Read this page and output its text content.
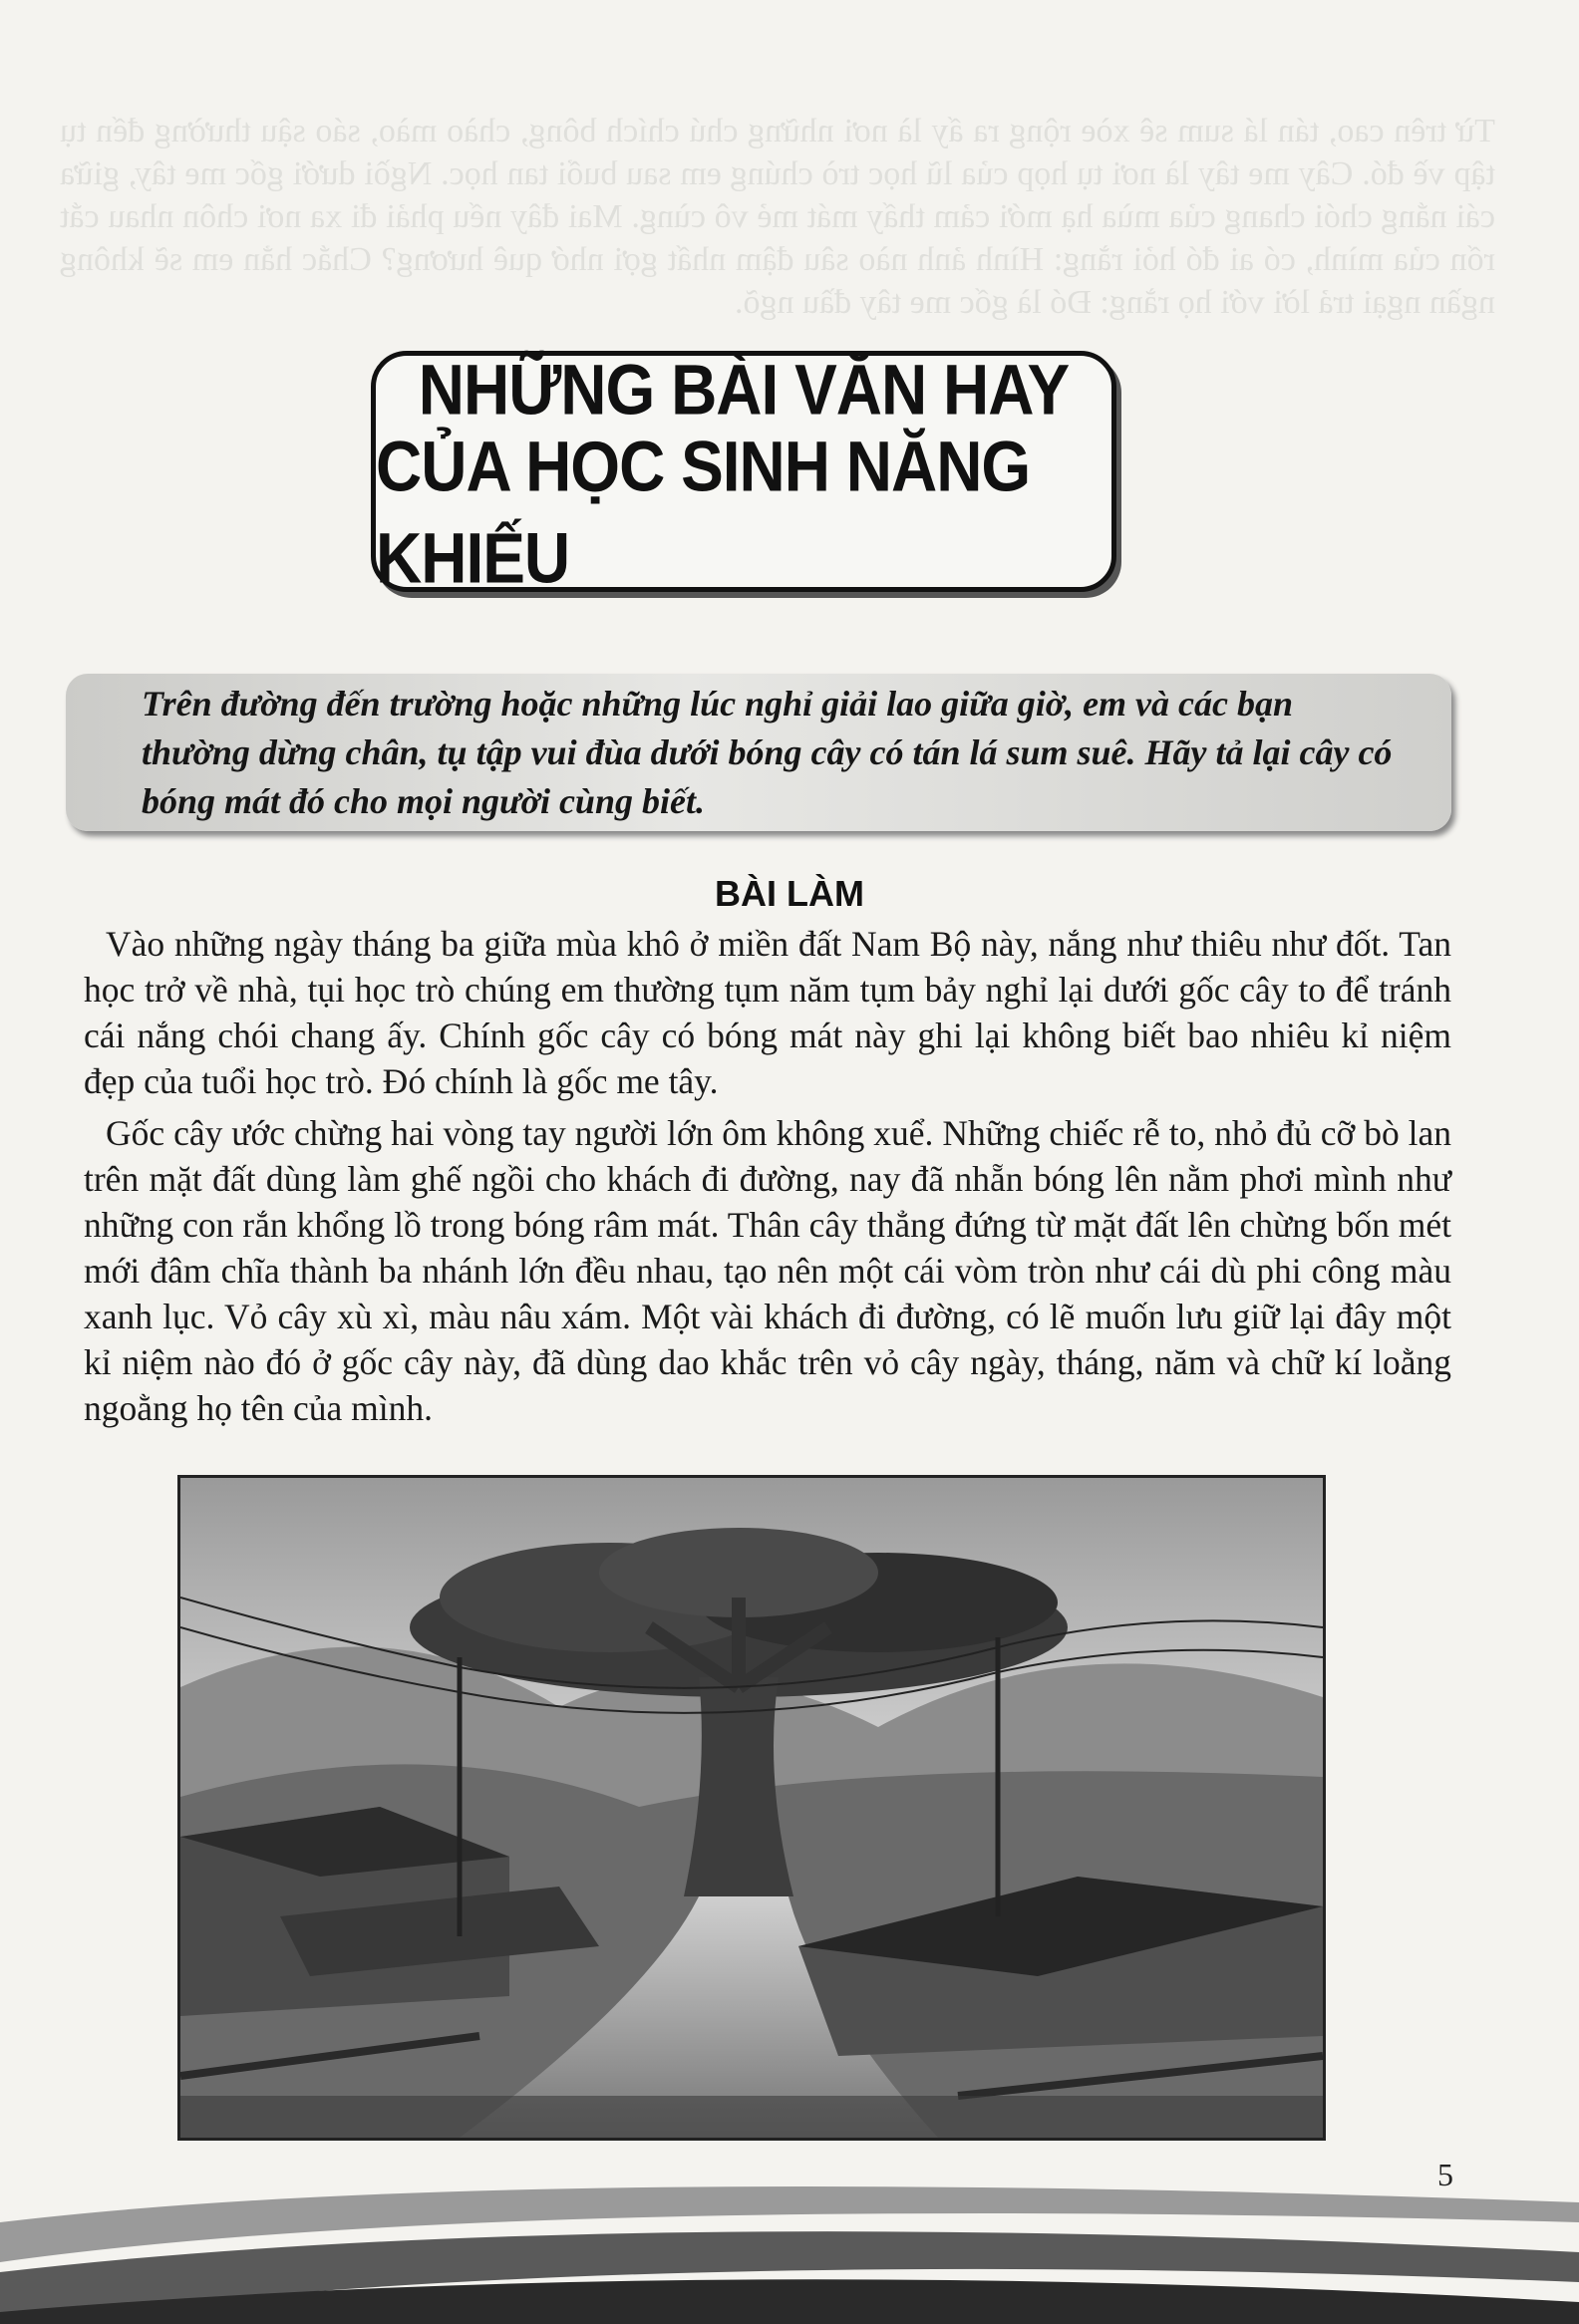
Từ trên cao, tán lá sum sê xòe rộng ra ấy là nơi những chú chích bông, chào mào, sáo sậu thường đến tụ tập về đó. Cây me tây là nơi tụ họp của lũ học trò chúng em sau buổi tan học. Ngồi dưới gốc me tây, giữa cái nắng chói chang của mùa hạ mới cảm thấy mát mẻ vô cùng. Mai đây nếu phải đi xa nơi chôn nhau cắt rốn của mình, có ai đó hỏi rằng: Hình ảnh nào sâu đậm nhất gợi nhớ quê hương? Chắc hẳn em sẽ không ngần ngại trả lời với họ rằng: Đó là gốc me tây đầu ngõ.
NHỮNG BÀI VĂN HAY
CỦA HỌC SINH NĂNG KHIẾU
Trên đường đến trường hoặc những lúc nghỉ giải lao giữa giờ, em và các bạn thường dừng chân, tụ tập vui đùa dưới bóng cây có tán lá sum suê. Hãy tả lại cây có bóng mát đó cho mọi người cùng biết.
BÀI LÀM

Vào những ngày tháng ba giữa mùa khô ở miền đất Nam Bộ này, nắng như thiêu như đốt. Tan học trở về nhà, tụi học trò chúng em thường tụm năm tụm bảy nghỉ lại dưới gốc cây to để tránh cái nắng chói chang ấy. Chính gốc cây có bóng mát này ghi lại không biết bao nhiêu kỉ niệm đẹp của tuổi học trò. Đó chính là gốc me tây.

Gốc cây ước chừng hai vòng tay người lớn ôm không xuể. Những chiếc rễ to, nhỏ đủ cỡ bò lan trên mặt đất dùng làm ghế ngồi cho khách đi đường, nay đã nhẵn bóng lên nằm phơi mình như những con rắn khổng lồ trong bóng râm mát. Thân cây thẳng đứng từ mặt đất lên chừng bốn mét mới đâm chĩa thành ba nhánh lớn đều nhau, tạo nên một cái vòm tròn như cái dù phi công màu xanh lục. Vỏ cây xù xì, màu nâu xám. Một vài khách đi đường, có lẽ muốn lưu giữ lại đây một kỉ niệm nào đó ở gốc cây này, đã dùng dao khắc trên vỏ cây ngày, tháng, năm và chữ kí loằng ngoằng họ tên của mình.

5
